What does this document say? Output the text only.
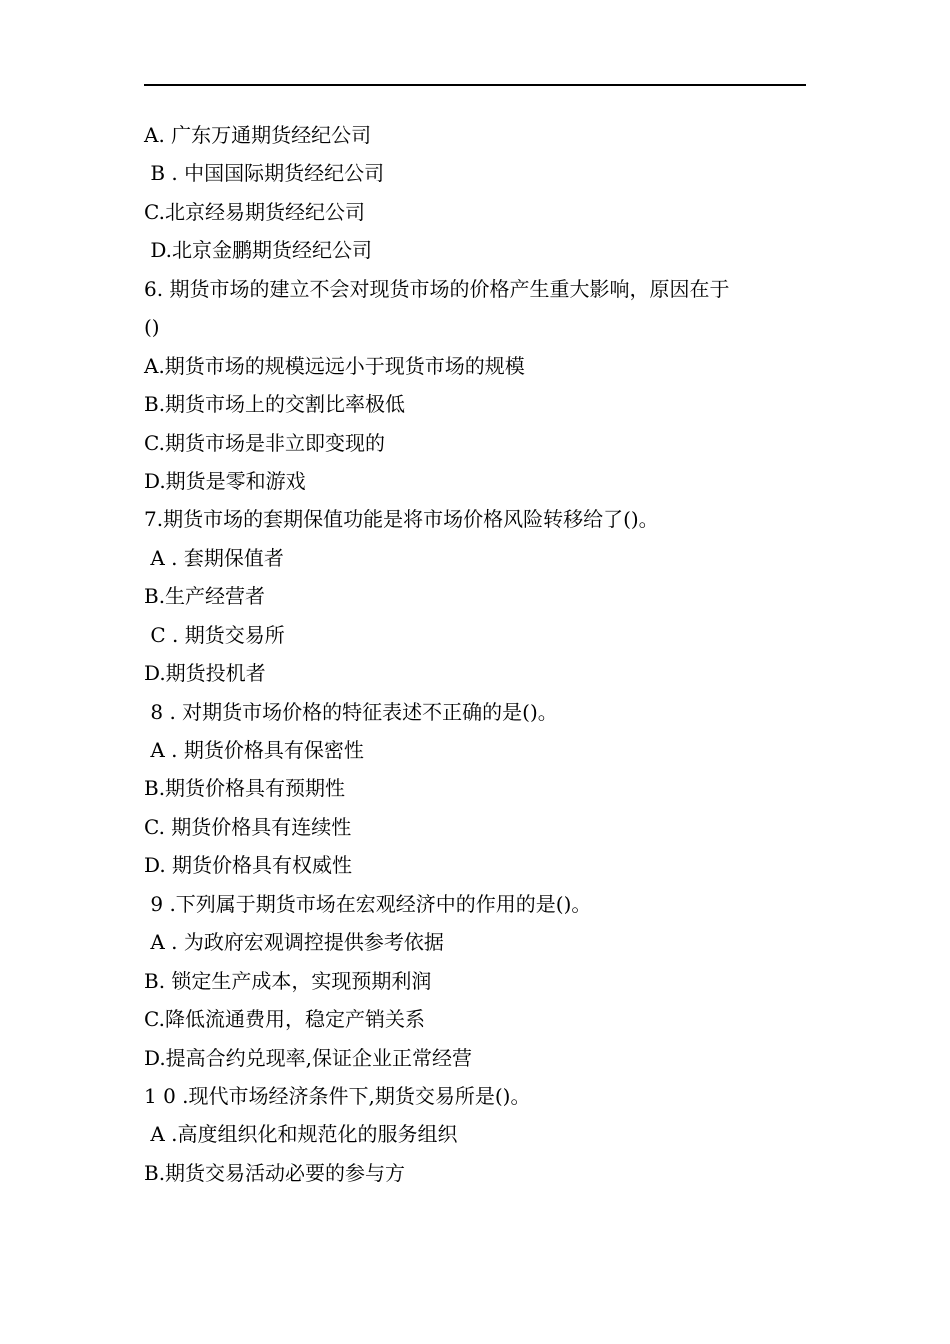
A. 广东万通期货经纪公司
B . 中国国际期货经纪公司
C.北京经易期货经纪公司
D.北京金鹏期货经纪公司
6. 期货市场的建立不会对现货市场的价格产生重大影响，原因在于
()
A.期货市场的规模远远小于现货市场的规模
B.期货市场上的交割比率极低
C.期货市场是非立即变现的
D.期货是零和游戏
7.期货市场的套期保值功能是将市场价格风险转移给了()。
A . 套期保值者
B.生产经营者
C . 期货交易所
D.期货投机者
8 . 对期货市场价格的特征表述不正确的是()。
A . 期货价格具有保密性
B.期货价格具有预期性
C. 期货价格具有连续性
D. 期货价格具有权威性
9 .下列属于期货市场在宏观经济中的作用的是()。
A . 为政府宏观调控提供参考依据
B. 锁定生产成本，实现预期利润
C.降低流通费用，稳定产销关系
D.提高合约兑现率,保证企业正常经营
1 0 .现代市场经济条件下,期货交易所是()。
A .高度组织化和规范化的服务组织
B.期货交易活动必要的参与方
